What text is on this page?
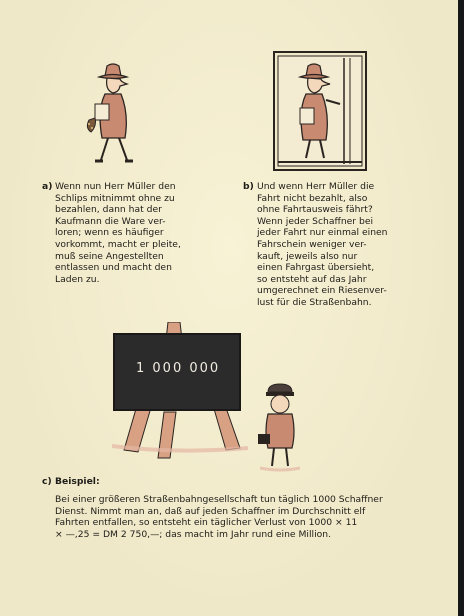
a) Wenn nun Herr Müller den
Schlips mitnimmt ohne zu
bezahlen, dann hat der
Kaufmann die Ware ver-
loren; wenn es häufiger
vorkommt, macht er pleite,
muß seine Angestellten
entlassen und macht den
Laden zu.
b) Und wenn Herr Müller die
Fahrt nicht bezahlt, also
ohne Fahrtausweis fährt?
Wenn jeder Schaffner bei
jeder Fahrt nur einmal einen
Fahrschein weniger ver-
kauft, jeweils also nur
einen Fahrgast übersieht,
so entsteht auf das Jahr
umgerechnet ein Riesenver-
lust für die Straßenbahn.
1 000 000
c) Beispiel:
Bei einer größeren Straßenbahngesellschaft tun täglich 1000 Schaffner
Dienst. Nimmt man an, daß auf jeden Schaffner im Durchschnitt elf
Fahrten entfallen, so entsteht ein täglicher Verlust von 1000 × 11
× —,25 = DM 2 750,—; das macht im Jahr rund eine Million.
